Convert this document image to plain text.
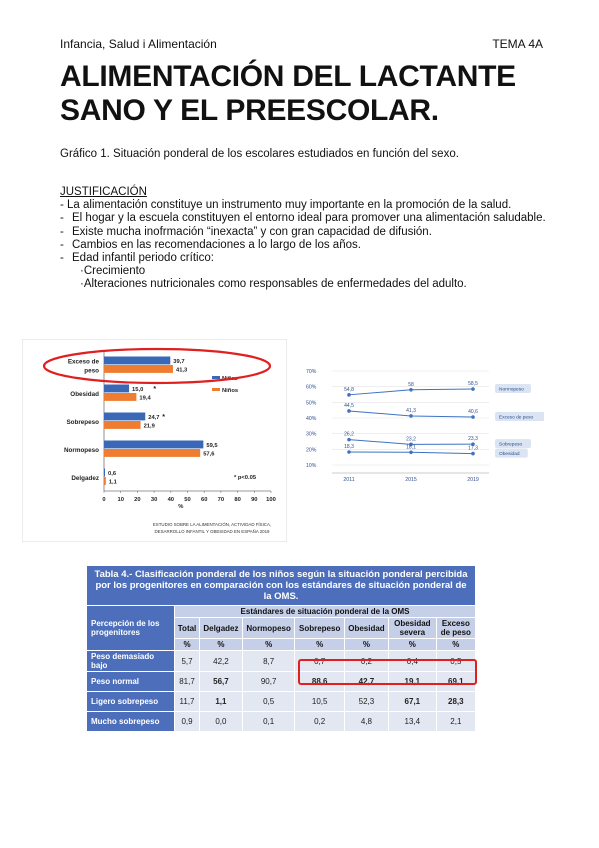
Infancia, Salud i Alimentación	TEMA 4A
ALIMENTACIÓN DEL LACTANTE
SANO Y EL PREESCOLAR.
Gráfico 1. Situación ponderal de los escolares estudiados en función del sexo.
JUSTIFICACIÓN
- La alimentación constituye un instrumento muy importante en la promoción de la salud.
- El hogar y la escuela constituyen el entorno ideal para promover una alimentación saludable.
- Existe mucha inofrmación “inexacta” y con gran capacidad de difusión.
- Cambios en las recomendaciones a lo largo de los años.
- Edad infantil periodo crítico:
·Crecimiento
·Alteraciones nutricionales como responsables de enfermedades del adulto.
Exceso de
peso
39,7
41,3
Obesidad
15,0
19,4
Sobrepeso
24,7
21,9
Normopeso
59,5
57,6
Delgadez
0,6
1,1
*
*
0 10 20 30 40 50 60 70 80 90 100
%
Niñas
Niños
* p<0.05
ESTUDIO SOBRE LA ALIMENTACIÓN, ACTIVIDAD FÍSICA,
DESARROLLO INFANTIL Y OBESIDAD EN ESPAÑA 2019
10%
20%
30%
40%
50%
60%
70%
2011	2015	2019
54,8
58	58,5
Normopeso
44,5
41,3	40,6
Exceso de peso
26,2
23,2	23,3
Sobrepeso
18,3	18,1	17,3
Obesidad
Tabla 4.- Clasificación ponderal de los niños según la situación ponderal percibida por los progenitores en comparación con los estándares de situación ponderal de la OMS.							
Percepción de los progenitores	Estándares de situación ponderal de la OMS						
	Total	Delgadez	Normopeso	Sobrepeso	Obesidad	Obesidad severa	Exceso de peso
	%	%	%	%	%	%	%
Peso demasiado bajo	5,7	42,2	8,7	0,7	0,2	0,4	0,5
Peso normal	81,7	56,7	90,7	88,6	42,7	19,1	69,1
Ligero sobrepeso	11,7	1,1	0,5	10,5	52,3	67,1	28,3
Mucho sobrepeso	0,9	0,0	0,1	0,2	4,8	13,4	2,1
